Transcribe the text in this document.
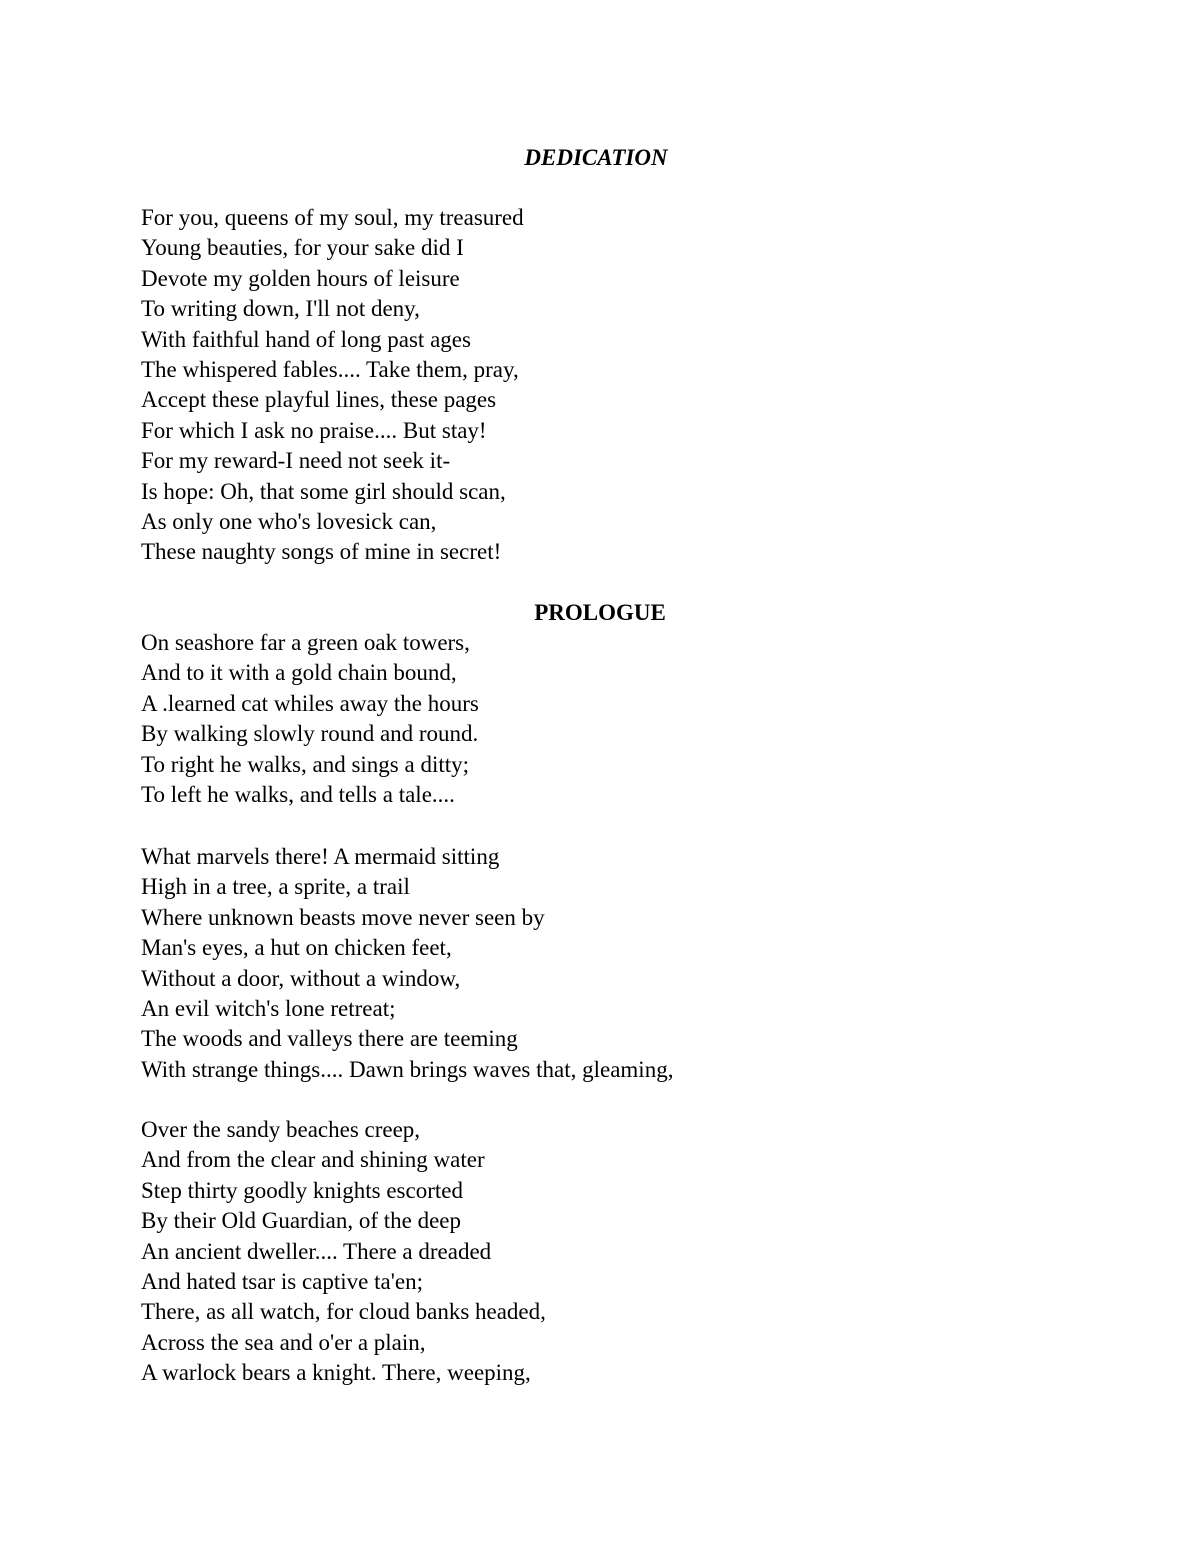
DEDICATION
For you, queens of my soul, my treasured
Young beauties, for your sake did I
Devote my golden hours of leisure
To writing down, I'll not deny,
With faithful hand of long past ages
The whispered fables.... Take them, pray,
Accept these playful lines, these pages
For which I ask no praise.... But stay!
For my reward-I need not seek it-
Is hope: Oh, that some girl should scan,
As only one who's lovesick can,
These naughty songs of mine in secret!
PROLOGUE
On seashore far a green oak towers,
And to it with a gold chain bound,
A .learned cat whiles away the hours
By walking slowly round and round.
To right he walks, and sings a ditty;
To left he walks, and tells a tale....
What marvels there! A mermaid sitting
High in a tree, a sprite, a trail
Where unknown beasts move never seen by
Man's eyes, a hut on chicken feet,
Without a door, without a window,
An evil witch's lone retreat;
The woods and valleys there are teeming
With strange things.... Dawn brings waves that, gleaming,
Over the sandy beaches creep,
And from the clear and shining water
Step thirty goodly knights escorted
By their Old Guardian, of the deep
An ancient dweller.... There a dreaded
And hated tsar is captive ta'en;
There, as all watch, for cloud banks headed,
Across the sea and o'er a plain,
A warlock bears a knight. There, weeping,
